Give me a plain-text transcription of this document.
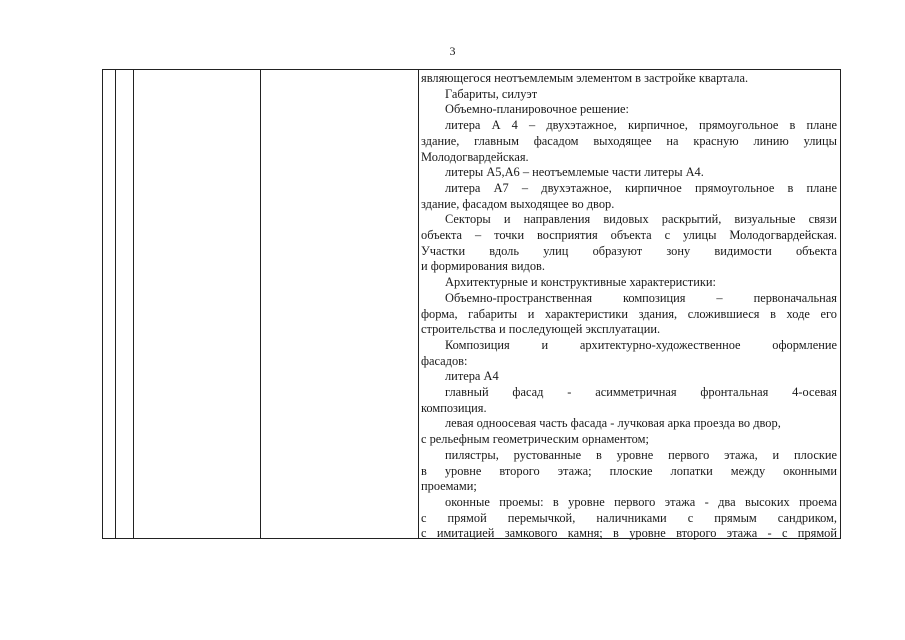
3
являющегося неотъемлемым элементом в застройке квартала.
Габариты, силуэт
Объемно-планировочное решение:
литера А 4 – двухэтажное, кирпичное, прямоугольное в плане
здание, главным фасадом выходящее на красную линию улицы
Молодогвардейская.
литеры А5,А6 – неотъемлемые части литеры А4.
литера А7 – двухэтажное, кирпичное прямоугольное в плане
здание, фасадом выходящее во двор.
Секторы и направления видовых раскрытий, визуальные связи
объекта – точки восприятия объекта с улицы Молодогвардейская.
Участки вдоль улиц образуют зону видимости объекта
и формирования видов.
Архитектурные и конструктивные характеристики:
Объемно-пространственная композиция – первоначальная
форма, габариты и характеристики здания, сложившиеся в ходе его
строительства и последующей эксплуатации.
Композиция и архитектурно-художественное оформление
фасадов:
литера А4
главный фасад - асимметричная фронтальная 4-осевая
композиция.
левая одноосевая часть фасада - лучковая арка проезда во двор,
с рельефным геометрическим орнаментом;
пилястры, рустованные в уровне первого этажа, и плоские
в уровне второго этажа; плоские лопатки между оконными
проемами;
оконные проемы: в уровне первого этажа - два высоких проема
с прямой перемычкой, наличниками с прямым сандриком,
с имитацией замкового камня; в уровне второго этажа - с прямой
